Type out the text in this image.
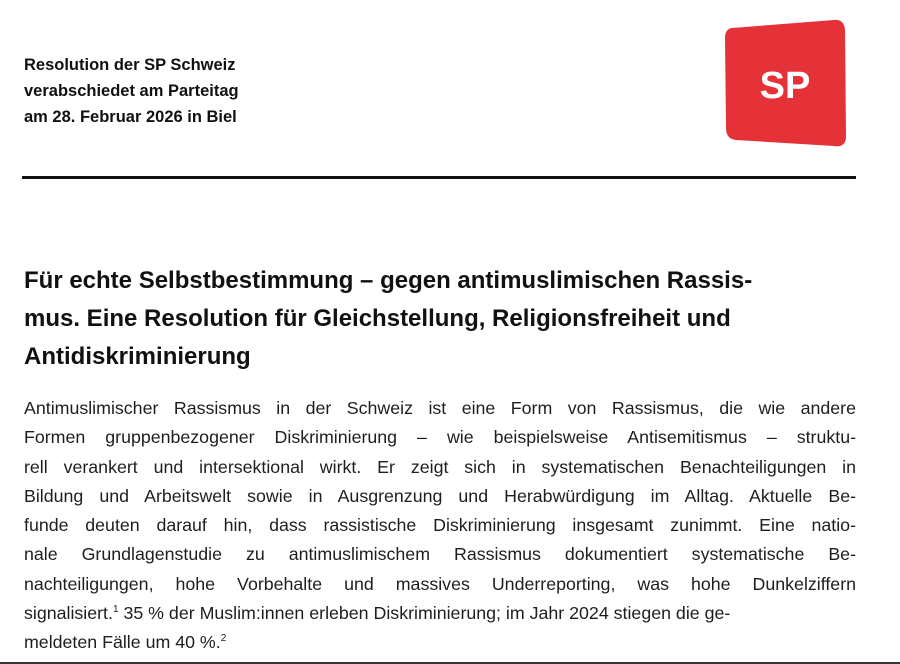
Resolution der SP Schweiz
verabschiedet am Parteitag
am 28. Februar 2026 in Biel
SP
Für echte Selbstbestimmung – gegen antimuslimischen Rassis-
mus. Eine Resolution für Gleichstellung, Religionsfreiheit und
Antidiskriminierung

Antimuslimischer Rassismus in der Schweiz ist eine Form von Rassismus, die wie andere
Formen gruppenbezogener Diskriminierung – wie beispielsweise Antisemitismus – struktu-
rell verankert und intersektional wirkt. Er zeigt sich in systematischen Benachteiligungen in
Bildung und Arbeitswelt sowie in Ausgrenzung und Herabwürdigung im Alltag. Aktuelle Be-
funde deuten darauf hin, dass rassistische Diskriminierung insgesamt zunimmt. Eine natio-
nale Grundlagenstudie zu antimuslimischem Rassismus dokumentiert systematische Be-
nachteiligungen, hohe Vorbehalte und massives Underreporting, was hohe Dunkelziffern
signalisiert.$^1$ 35 % der Muslim:innen erleben Diskriminierung; im Jahr 2024 stiegen die ge-
meldeten Fälle um 40 %.$^2$
